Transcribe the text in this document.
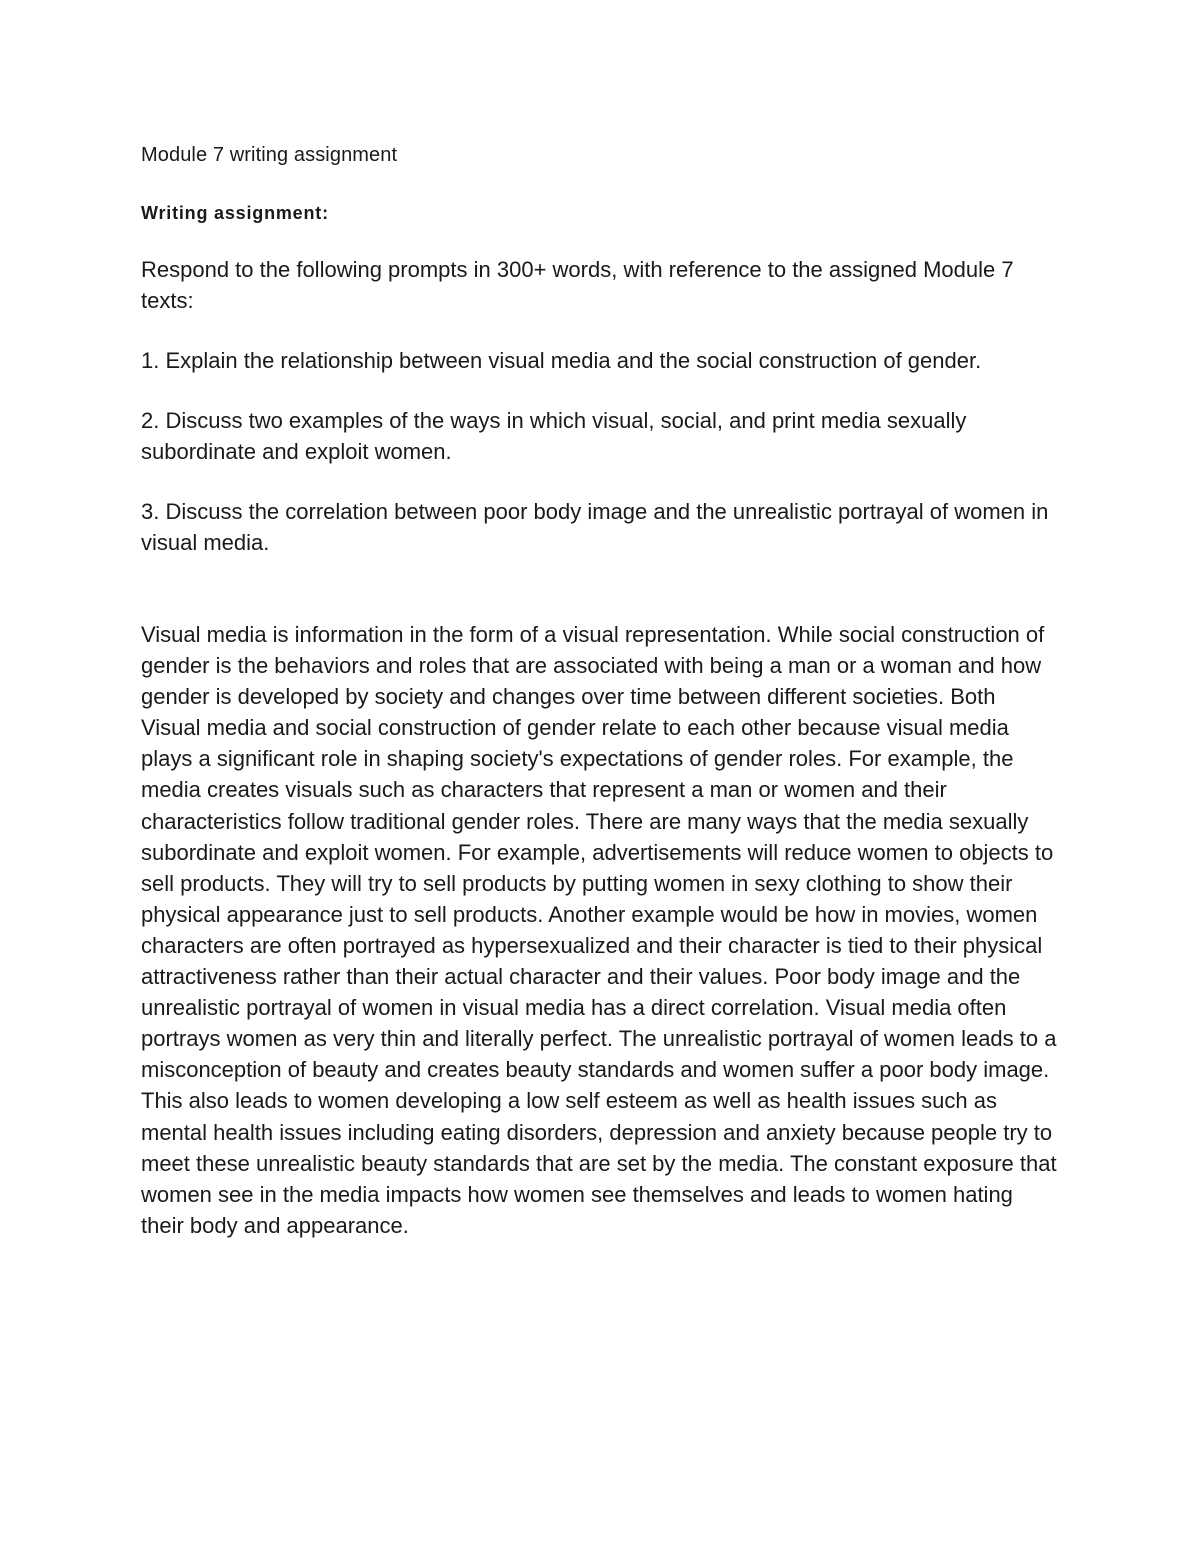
Module 7 writing assignment
Writing assignment:

Respond to the following prompts in 300+ words, with reference to the assigned Module 7 texts:

1. Explain the relationship between visual media and the social construction of gender.
2. Discuss two examples of the ways in which visual, social, and print media sexually subordinate and exploit women.
3. Discuss the correlation between poor body image and the unrealistic portrayal of women in visual media.

Visual media is information in the form of a visual representation. While social construction of gender is the behaviors and roles that are associated with being a man or a woman and how gender is developed by society and changes over time between different societies. Both Visual media and social construction of gender relate to each other because visual media plays a significant role in shaping society's expectations of gender roles. For example, the media creates visuals such as characters that represent a man or women and their characteristics follow traditional gender roles. There are many ways that the media sexually subordinate and exploit women. For example, advertisements will reduce women to objects to sell products. They will try to sell products by putting women in sexy clothing to show their physical appearance just to sell products. Another example would be how in movies, women characters are often portrayed as hypersexualized and their character is tied to their physical attractiveness rather than their actual character and their values. Poor body image and the unrealistic portrayal of women in visual media has a direct correlation. Visual media often portrays women as very thin and literally perfect. The unrealistic portrayal of women leads to a misconception of beauty and creates beauty standards and women suffer a poor body image. This also leads to women developing a low self esteem as well as health issues such as mental health issues including eating disorders, depression and anxiety because people try to meet these unrealistic beauty standards that are set by the media. The constant exposure that women see in the media impacts how women see themselves and leads to women hating their body and appearance.
